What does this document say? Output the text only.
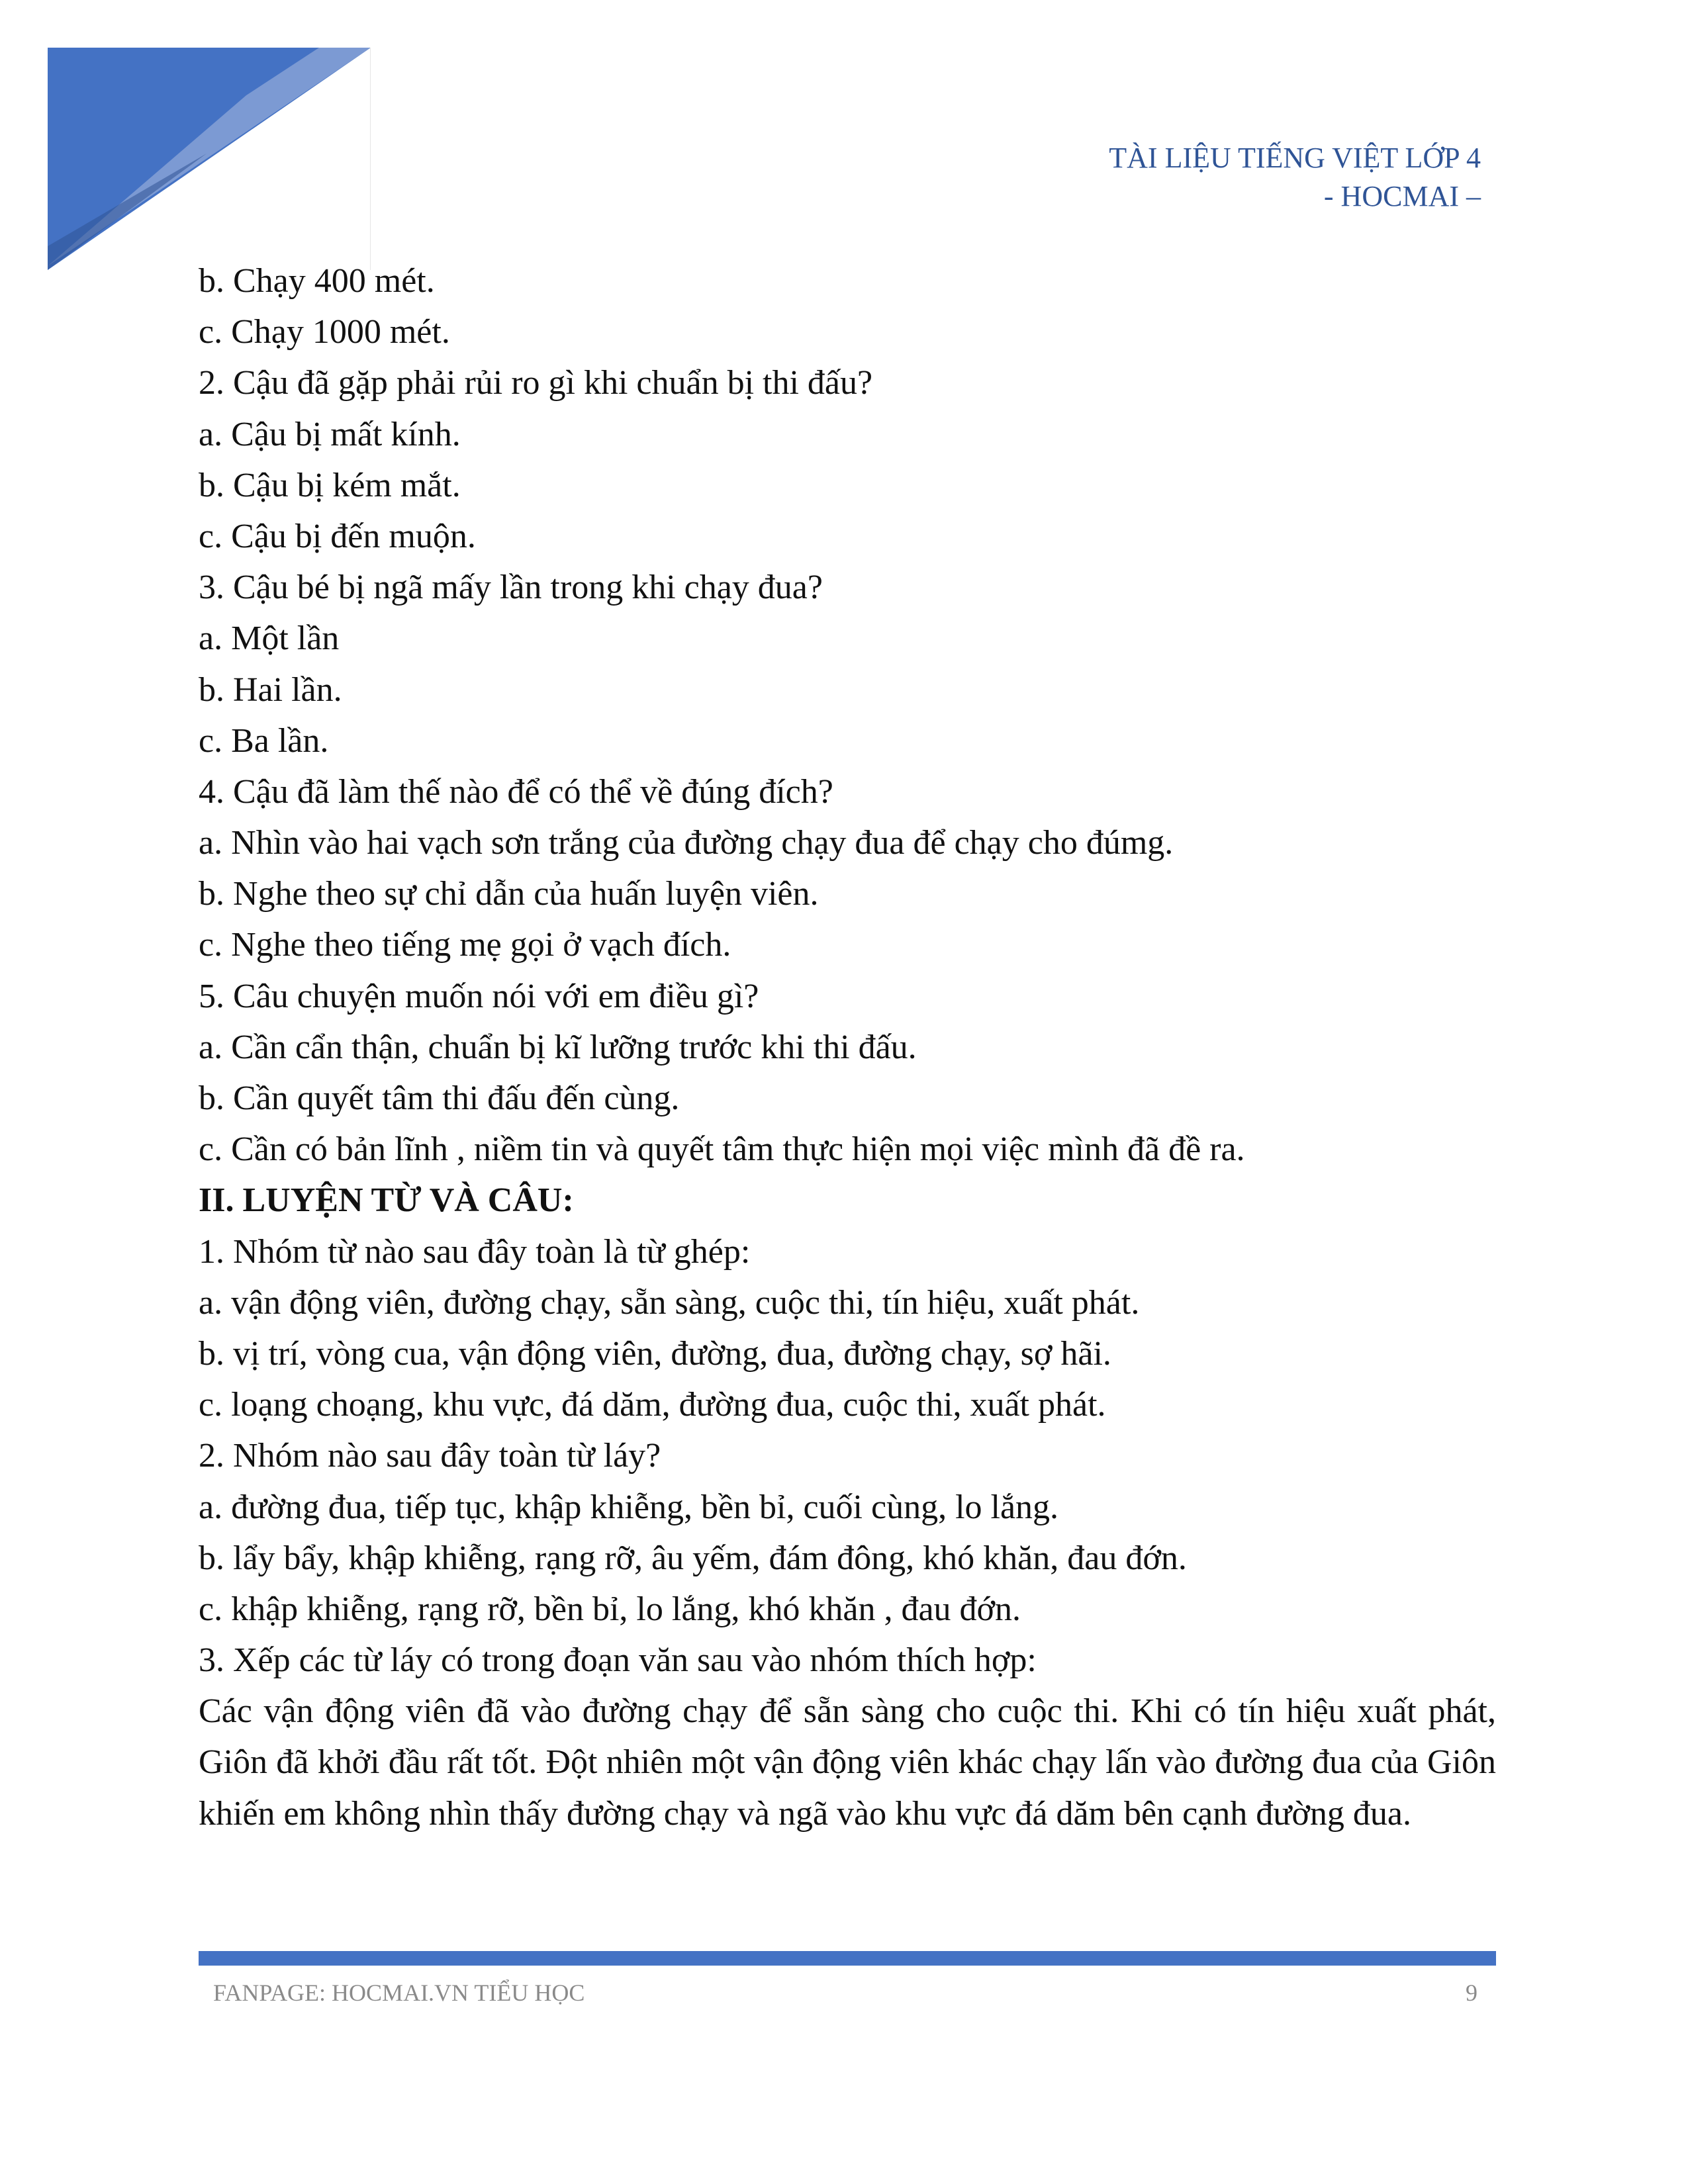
TÀI LIỆU TIẾNG VIỆT LỚP 4
- HOCMAI –
b. Chạy 400 mét.
c. Chạy 1000 mét.
2. Cậu đã gặp phải rủi ro gì khi chuẩn bị thi đấu?
a. Cậu bị mất kính.
b. Cậu bị kém mắt.
c. Cậu bị đến muộn.
3. Cậu bé bị ngã mấy lần trong khi chạy đua?
a. Một lần
b. Hai lần.
c. Ba lần.
4. Cậu đã làm thế nào để có thể về đúng đích?
a. Nhìn vào hai vạch sơn trắng của đường chạy đua để chạy cho đúmg.
b. Nghe theo sự chỉ dẫn của huấn luyện viên.
c. Nghe theo tiếng mẹ gọi ở vạch đích.
5. Câu chuyện muốn nói với em điều gì?
a. Cần cẩn thận, chuẩn bị kĩ lưỡng trước khi thi đấu.
b. Cần quyết tâm thi đấu đến cùng.
c. Cần có bản lĩnh , niềm tin và quyết tâm thực hiện mọi việc mình đã đề ra.
II. LUYỆN TỪ VÀ CÂU:
1. Nhóm từ nào sau đây toàn là từ ghép:
a. vận động viên, đường chạy, sẵn sàng, cuộc thi, tín hiệu, xuất phát.
b. vị trí, vòng cua, vận động viên, đường, đua, đường chạy, sợ hãi.
c. loạng choạng, khu vực, đá dăm, đường đua, cuộc thi, xuất phát.
2. Nhóm nào sau đây toàn từ láy?
a. đường đua, tiếp tục, khập khiễng, bền bỉ, cuối cùng, lo lắng.
b. lẩy bẩy, khập khiễng, rạng rỡ, âu yếm, đám đông, khó khăn, đau đớn.
c. khập khiễng, rạng rỡ, bền bỉ, lo lắng, khó khăn , đau đớn.
3. Xếp các từ láy có trong đoạn văn sau vào nhóm thích hợp:

Các vận động viên đã vào đường chạy để sẵn sàng cho cuộc thi. Khi có tín hiệu xuất phát, Giôn đã khởi đầu rất tốt. Đột nhiên một vận động viên khác chạy lấn vào đường đua của Giôn khiến em không nhìn thấy đường chạy và ngã vào khu vực đá dăm bên cạnh đường đua.

FANPAGE: HOCMAI.VN TIỂU HỌC	9
